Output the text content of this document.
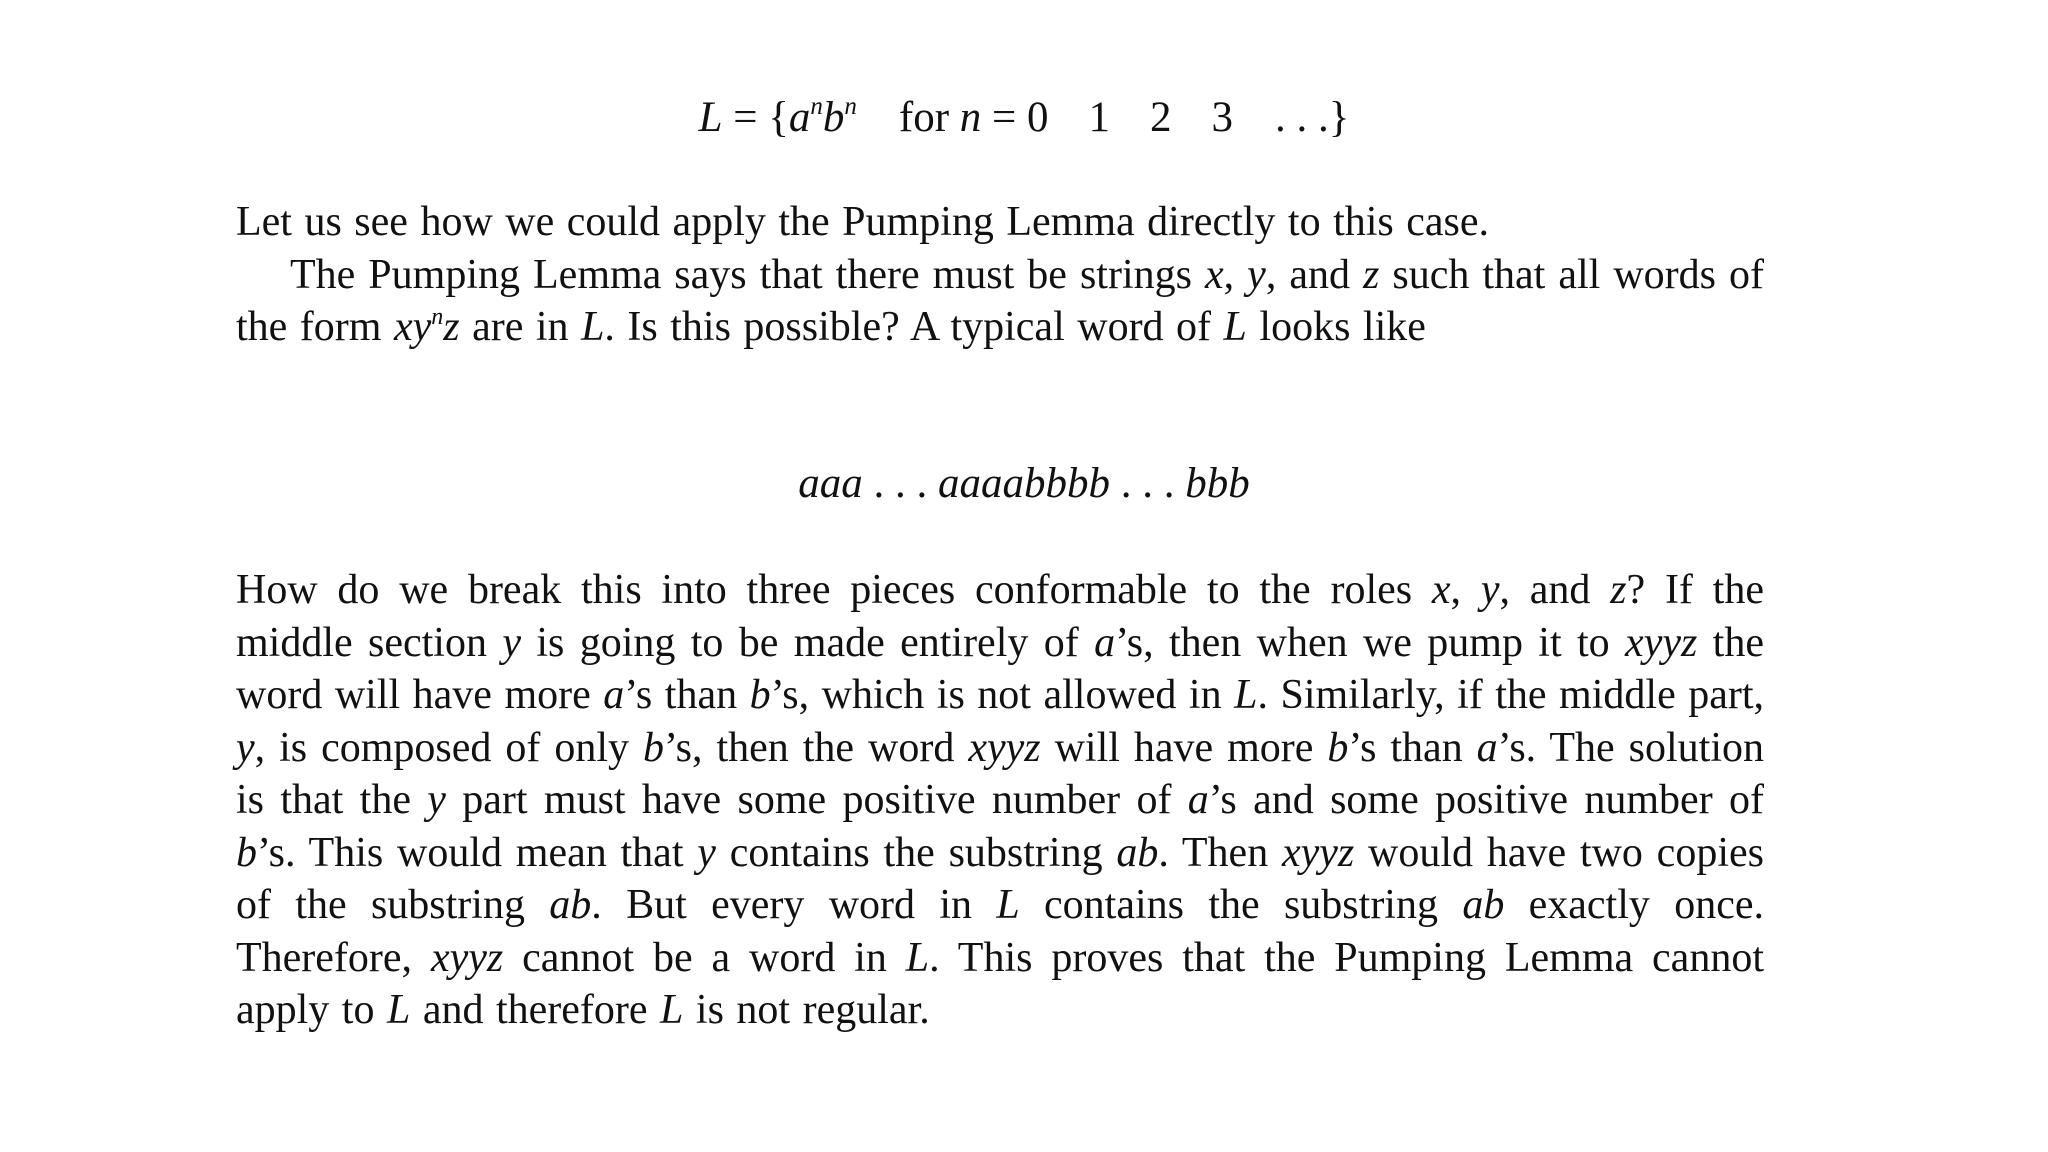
$L = \{a^nb^n$ for n = 0 1 2 3 . . .}
Let us see how we could apply the Pumping Lemma directly to this case.
The Pumping Lemma says that there must be strings x, y, and z such that all words of the form $xy^nz$ are in L. Is this possible? A typical word of L looks like
aaa . . . aaaabbbb . . . bbb
How do we break this into three pieces conformable to the roles x, y, and z? If the middle section y is going to be made entirely of a’s, then when we pump it to xyyz the word will have more a’s than b’s, which is not allowed in L. Similarly, if the middle part, y, is composed of only b’s, then the word xyyz will have more b’s than a’s. The solution is that the y part must have some positive number of a’s and some positive number of b’s. This would mean that y contains the substring ab. Then xyyz would have two copies of the substring ab. But every word in L contains the substring ab exactly once. Therefore, xyyz cannot be a word in L. This proves that the Pumping Lemma cannot apply to L and therefore L is not regular.
